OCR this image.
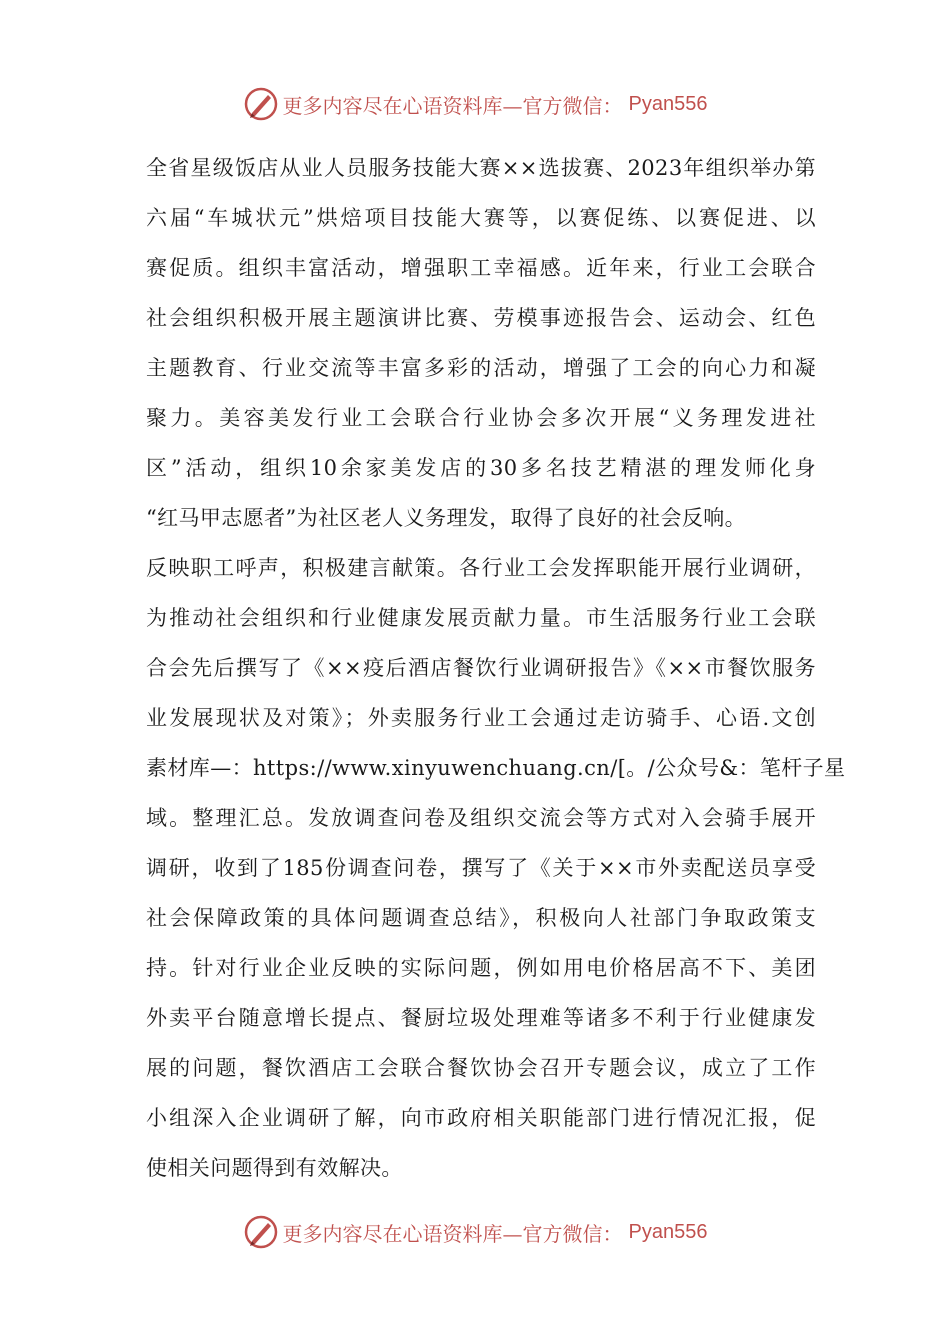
更多内容尽在心语资料库—官方微信： Pyan556
全省星级饭店从业人员服务技能大赛××选拔赛、2023年组织举办第
六届“车城状元”烘焙项目技能大赛等，以赛促练、以赛促进、以
赛促质。组织丰富活动，增强职工幸福感。近年来，行业工会联合
社会组织积极开展主题演讲比赛、劳模事迹报告会、运动会、红色
主题教育、行业交流等丰富多彩的活动，增强了工会的向心力和凝
聚力。美容美发行业工会联合行业协会多次开展“义务理发进社
区”活动，组织10余家美发店的30多名技艺精湛的理发师化身
“红马甲志愿者”为社区老人义务理发，取得了良好的社会反响。
反映职工呼声，积极建言献策。各行业工会发挥职能开展行业调研，
为推动社会组织和行业健康发展贡献力量。市生活服务行业工会联
合会先后撰写了《××疫后酒店餐饮行业调研报告》《××市餐饮服务
业发展现状及对策》；外卖服务行业工会通过走访骑手、心语.文创
素材库—：https://www.xinyuwenchuang.cn/[。/公众号&：笔杆子星
域。整理汇总。发放调查问卷及组织交流会等方式对入会骑手展开
调研，收到了185份调查问卷，撰写了《关于××市外卖配送员享受
社会保障政策的具体问题调查总结》，积极向人社部门争取政策支
持。针对行业企业反映的实际问题，例如用电价格居高不下、美团
外卖平台随意增长提点、餐厨垃圾处理难等诸多不利于行业健康发
展的问题，餐饮酒店工会联合餐饮协会召开专题会议，成立了工作
小组深入企业调研了解，向市政府相关职能部门进行情况汇报，促
使相关问题得到有效解决。
更多内容尽在心语资料库—官方微信： Pyan556
